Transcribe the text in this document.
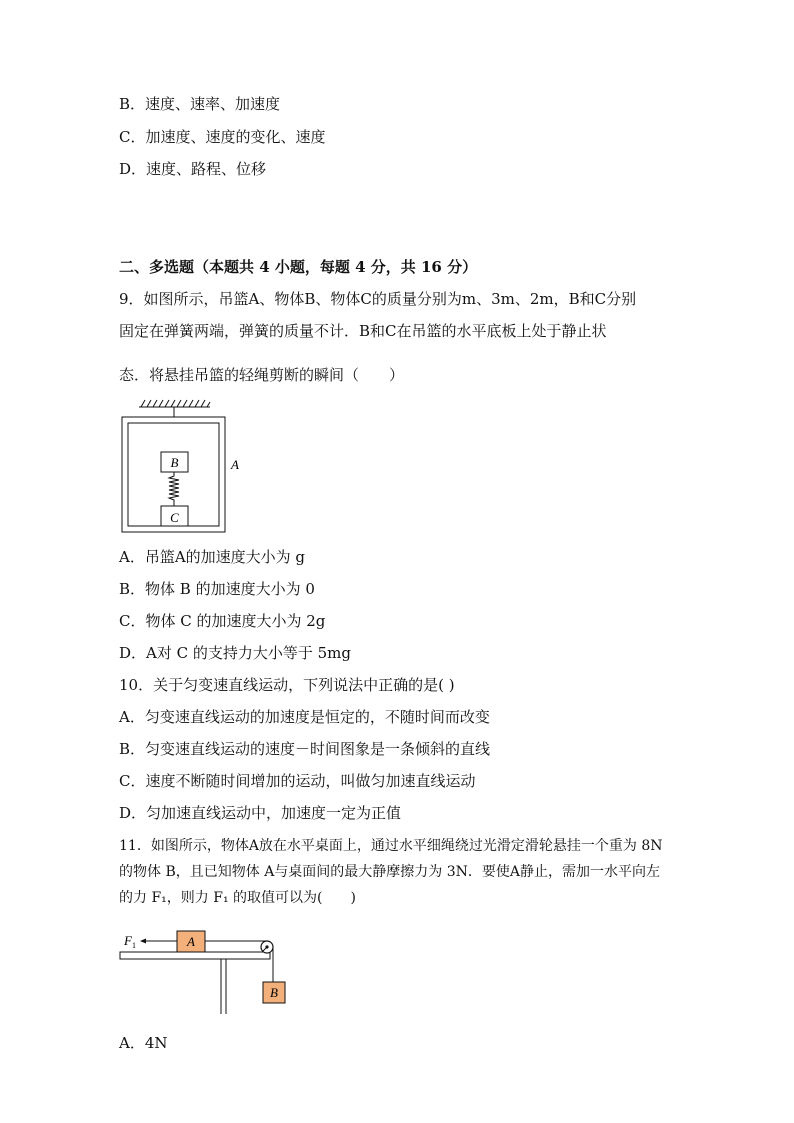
B．速度、速率、加速度
C．加速度、速度的变化、速度
D．速度、路程、位移
二、多选题（本题共 4 小题，每题 4 分，共 16 分）
9．如图所示，吊篮A、物体B、物体C的质量分别为m、3m、2m，B和C分别
固定在弹簧两端，弹簧的质量不计．B和C在吊篮的水平底板上处于静止状
态．将悬挂吊篮的轻绳剪断的瞬间（　　）
B
C
A
A．吊篮A的加速度大小为 g
B．物体 B 的加速度大小为 0
C．物体 C 的加速度大小为 2g
D．A对 C 的支持力大小等于 5mg
10．关于匀变速直线运动，下列说法中正确的是( )
A．匀变速直线运动的加速度是恒定的，不随时间而改变
B．匀变速直线运动的速度－时间图象是一条倾斜的直线
C．速度不断随时间增加的运动，叫做匀加速直线运动
D．匀加速直线运动中，加速度一定为正值
11．如图所示，物体A放在水平桌面上，通过水平细绳绕过光滑定滑轮悬挂一个重为 8N
的物体 B，且已知物体 A与桌面间的最大静摩擦力为 3N．要使A静止，需加一水平向左
的力 F₁，则力 F₁ 的取值可以为(　　)
F 1	A
B
A．4N
